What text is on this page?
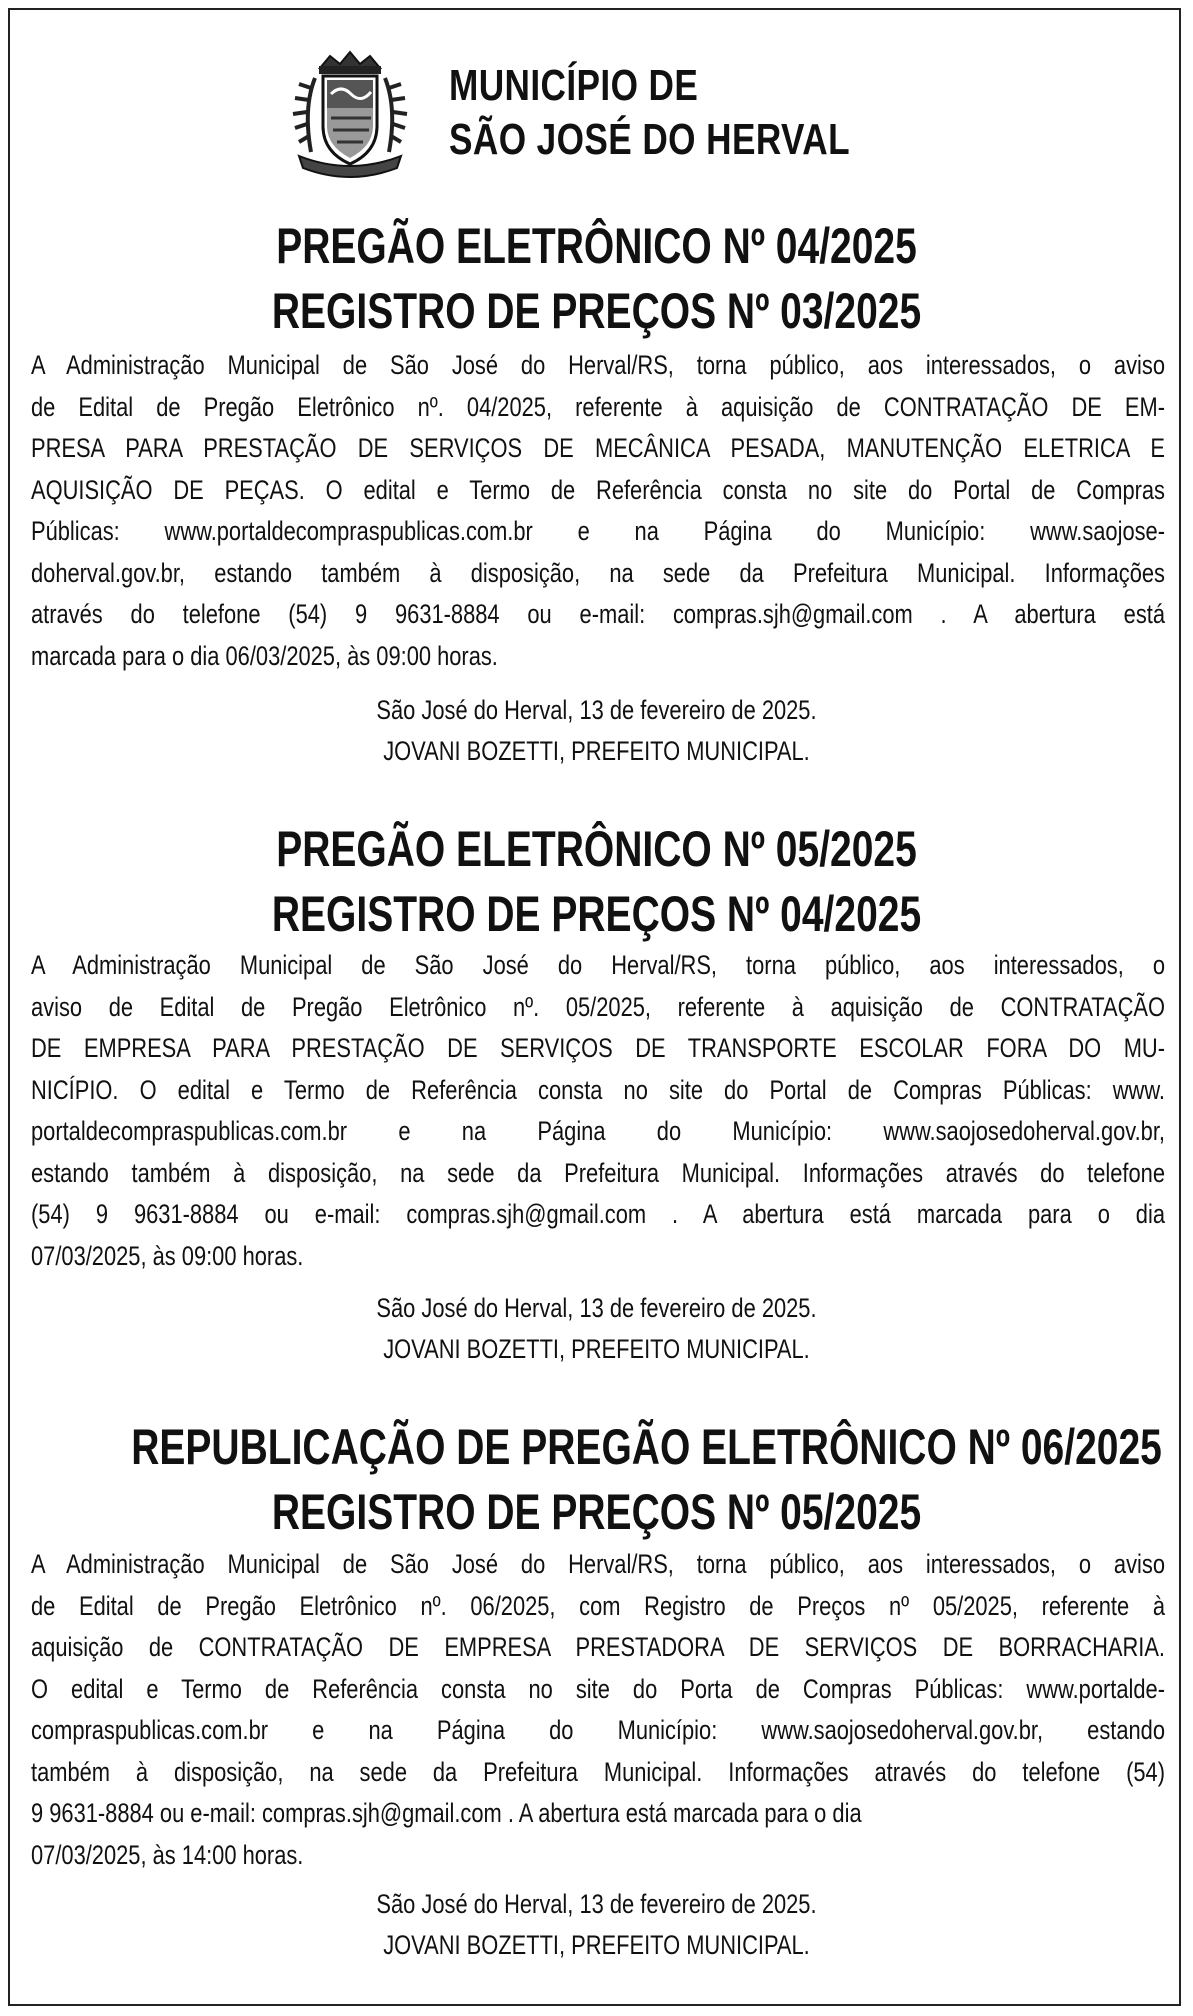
MUNICÍPIO DE
SÃO JOSÉ DO HERVAL
PREGÃO ELETRÔNICO Nº 04/2025
REGISTRO DE PREÇOS Nº 03/2025
A Administração Municipal de São José do Herval/RS, torna público, aos interessados, o aviso
de Edital de Pregão Eletrônico nº. 04/2025, referente à aquisição de CONTRATAÇÃO DE EM-
PRESA PARA PRESTAÇÃO DE SERVIÇOS DE MECÂNICA PESADA, MANUTENÇÃO ELETRICA E
AQUISIÇÃO DE PEÇAS. O edital e Termo de Referência consta no site do Portal de Compras
Públicas: www.portaldecompraspublicas.com.br e na Página do Município: www.saojose-
doherval.gov.br, estando também à disposição, na sede da Prefeitura Municipal. Informações
através do telefone (54) 9 9631-8884 ou e-mail: compras.sjh@gmail.com . A abertura está
marcada para o dia 06/03/2025, às 09:00 horas.
São José do Herval, 13 de fevereiro de 2025.
JOVANI BOZETTI, PREFEITO MUNICIPAL.
PREGÃO ELETRÔNICO Nº 05/2025
REGISTRO DE PREÇOS Nº 04/2025
A Administração Municipal de São José do Herval/RS, torna público, aos interessados, o
aviso de Edital de Pregão Eletrônico nº. 05/2025, referente à aquisição de CONTRATAÇÃO
DE EMPRESA PARA PRESTAÇÃO DE SERVIÇOS DE TRANSPORTE ESCOLAR FORA DO MU-
NICÍPIO. O edital e Termo de Referência consta no site do Portal de Compras Públicas: www.
portaldecompraspublicas.com.br e na Página do Município: www.saojosedoherval.gov.br,
estando também à disposição, na sede da Prefeitura Municipal. Informações através do telefone
(54) 9 9631-8884 ou e-mail: compras.sjh@gmail.com . A abertura está marcada para o dia
07/03/2025, às 09:00 horas.
São José do Herval, 13 de fevereiro de 2025.
JOVANI BOZETTI, PREFEITO MUNICIPAL.
REPUBLICAÇÃO DE PREGÃO ELETRÔNICO Nº 06/2025
REGISTRO DE PREÇOS Nº 05/2025
A Administração Municipal de São José do Herval/RS, torna público, aos interessados, o aviso
de Edital de Pregão Eletrônico nº. 06/2025, com Registro de Preços nº 05/2025, referente à
aquisição de CONTRATAÇÃO DE EMPRESA PRESTADORA DE SERVIÇOS DE BORRACHARIA.
O edital e Termo de Referência consta no site do Porta de Compras Públicas: www.portalde-
compraspublicas.com.br e na Página do Município: www.saojosedoherval.gov.br, estando
também à disposição, na sede da Prefeitura Municipal. Informações através do telefone (54)
9 9631-8884 ou e-mail: compras.sjh@gmail.com . A abertura está marcada para o dia
07/03/2025, às 14:00 horas.
São José do Herval, 13 de fevereiro de 2025.
JOVANI BOZETTI, PREFEITO MUNICIPAL.
